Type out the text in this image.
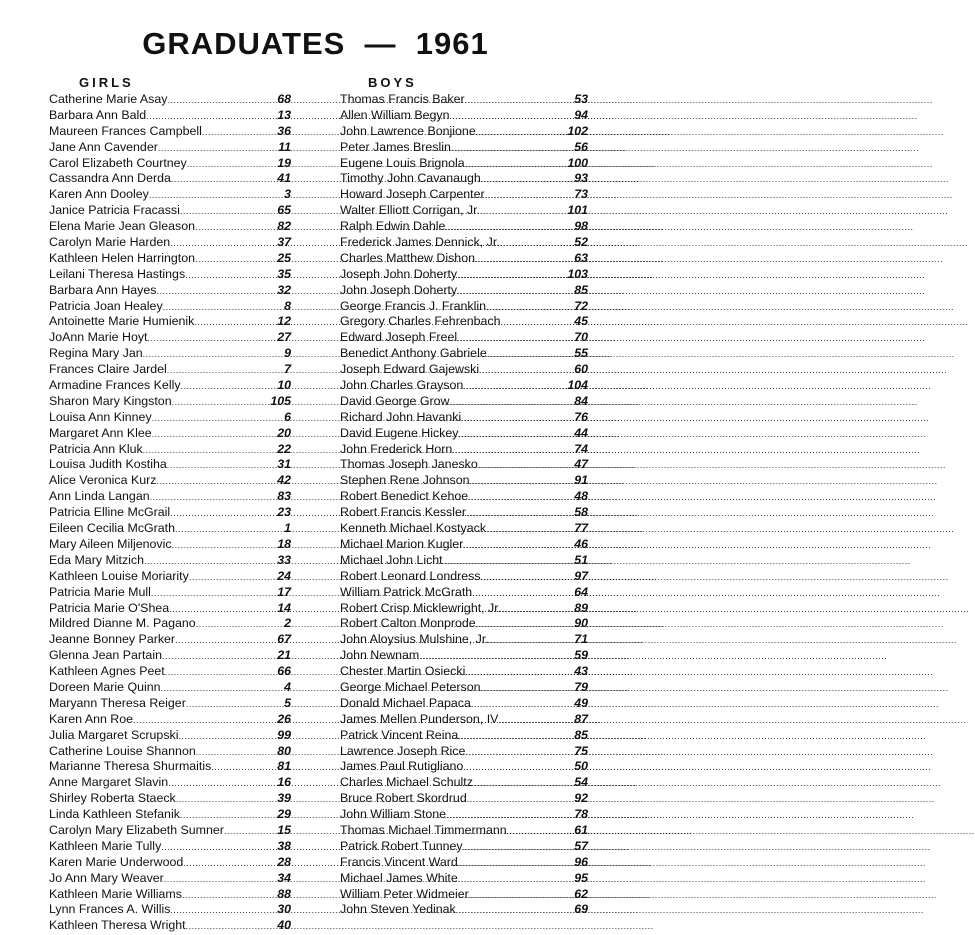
GRADUATES  —  1961
GIRLS
Catherine Marie Asay .....	68
Barbara Ann Bald .....	13
Maureen Frances Campbell .....	36
Jane Ann Cavender .....	11
Carol Elizabeth Courtney .....	19
Cassandra Ann Derda .....	41
Karen Ann Dooley .....	3
Janice Patricia Fracassi .....	65
Elena Marie Jean Gleason .....	82
Carolyn Marie Harden .....	37
Kathleen Helen Harrington .....	25
Leilani Theresa Hastings .....	35
Barbara Ann Hayes .....	32
Patricia Joan Healey .....	8
Antoinette Marie Humienik .....	12
JoAnn Marie Hoyt .....	27
Regina Mary Jan .....	9
Frances Claire Jardel .....	7
Armadine Frances Kelly .....	10
Sharon Mary Kingston .....	105
Louisa Ann Kinney .....	6
Margaret Ann Klee .....	20
Patricia Ann Kluk .....	22
Louisa Judith Kostiha .....	31
Alice Veronica Kurz .....	42
Ann Linda Langan .....	83
Patricia Elline McGrail .....	23
Eileen Cecilia McGrath .....	1
Mary Aileen Miljenovic .....	18
Eda Mary Mitzich .....	33
Kathleen Louise Moriarity .....	24
Patricia Marie Mull .....	17
Patricia Marie O'Shea .....	14
Mildred Dianne M. Pagano .....	2
Jeanne Bonney Parker .....	67
Glenna Jean Partain .....	21
Kathleen Agnes Peet .....	66
Doreen Marie Quinn .....	4
Maryann Theresa Reiger .....	5
Karen Ann Roe .....	26
Julia Margaret Scrupski .....	99
Catherine Louise Shannon .....	80
Marianne Theresa Shurmaitis .....	81
Anne Margaret Slavin .....	16
Shirley Roberta Staeck .....	39
Linda Kathleen Stefanik .....	29
Carolyn Mary Elizabeth Sumner .....	15
Kathleen Marie Tully .....	38
Karen Marie Underwood .....	28
Jo Ann Mary Weaver .....	34
Kathleen Marie Williams .....	88
Lynn Frances A. Willis .....	30
Kathleen Theresa Wright .....	40
BOYS
Thomas Francis Baker .....	53
Allen William Begyn .....	94
John Lawrence Bonjione .....	102
Peter James Breslin .....	56
Eugene Louis Brignola .....	100
Timothy John Cavanaugh .....	93
Howard Joseph Carpenter .....	73
Walter Elliott Corrigan, Jr. .....	101
Ralph Edwin Dahle .....	98
Frederick James Dennick, Jr. .....	52
Charles Matthew Dishon .....	63
Joseph John Doherty .....	103
John Joseph Doherty .....	85
George Francis J. Franklin .....	72
Gregory Charles Fehrenbach .....	45
Edward Joseph Freel .....	70
Benedict Anthony Gabriele .....	55
Joseph Edward Gajewski .....	60
John Charles Grayson .....	104
David George Grow .....	84
Richard John Havanki .....	76
David Eugene Hickey .....	44
John Frederick Horn .....	74
Thomas Joseph Janesko .....	47
Stephen Rene Johnson .....	91
Robert Benedict Kehoe .....	48
Robert Francis Kessler .....	58
Kenneth Michael Kostyack .....	77
Michael Marion Kugler .....	46
Michael John Licht .....	51
Robert Leonard Londress .....	97
William Patrick McGrath .....	64
Robert Crisp Micklewright, Jr. .....	89
Robert Calton Monprode .....	90
John Aloysius Mulshine, Jr. .....	71
John Newnam .....	59
Chester Martin Osiecki .....	43
George Michael Peterson .....	79
Donald Michael Papaca .....	49
James Mellen Punderson, IV .....	87
Patrick Vincent Reina .....	85
Lawrence Joseph Rice .....	75
James Paul Rutigliano .....	50
Charles Michael Schultz .....	54
Bruce Robert Skordrud .....	92
John William Stone .....	78
Thomas Michael Timmermann .....	61
Patrick Robert Tunney .....	57
Francis Vincent Ward .....	96
Michael James White .....	95
William Peter Widmeier .....	62
John Steven Yedinak .....	69
